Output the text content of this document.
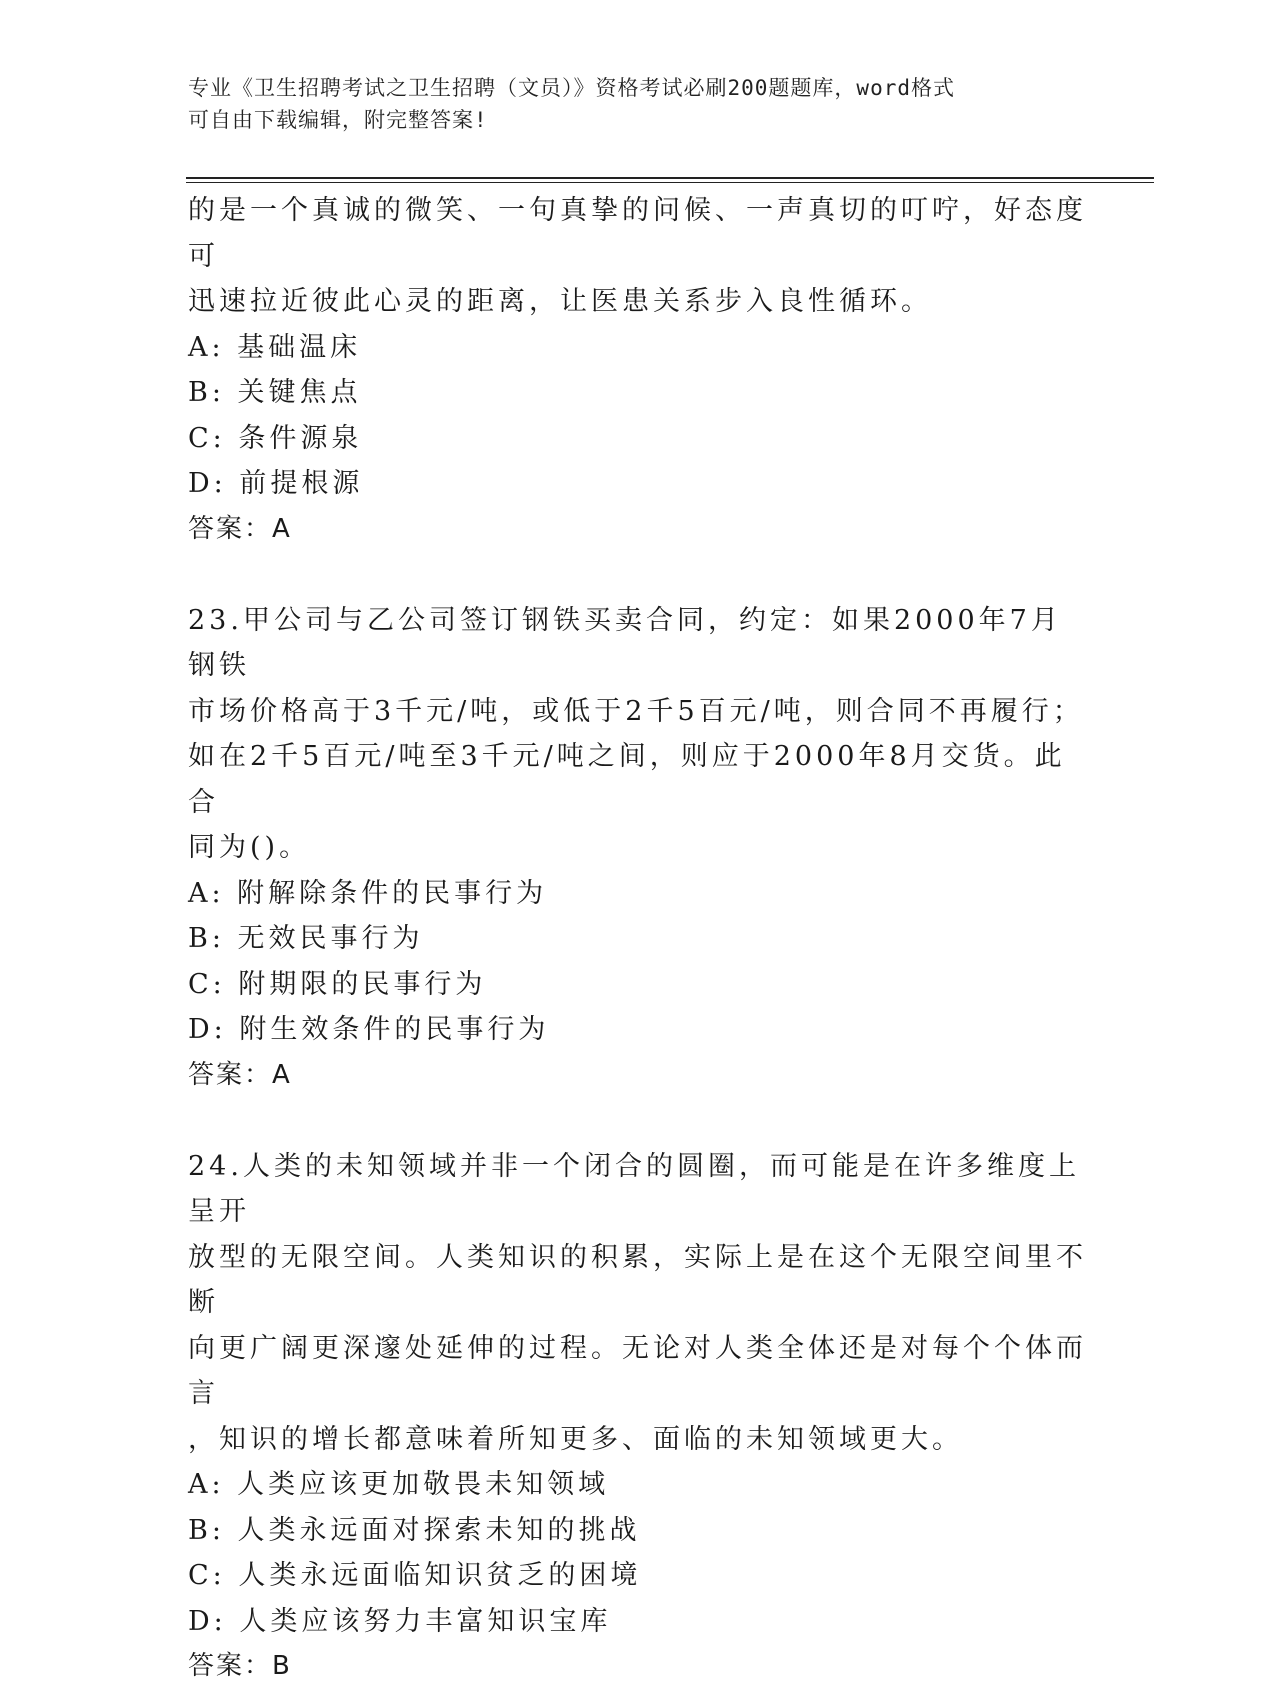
专业《卫生招聘考试之卫生招聘（文员）》资格考试必刷200题题库，word格式
可自由下载编辑，附完整答案!

的是一个真诚的微笑、一句真挚的问候、一声真切的叮咛，好态度可

迅速拉近彼此心灵的距离，让医患关系步入良性循环。

A: 基础温床

B: 关键焦点

C: 条件源泉

D: 前提根源

答案：A

23.甲公司与乙公司签订钢铁买卖合同，约定：如果2000年7月钢铁

市场价格高于3千元/吨，或低于2千5百元/吨，则合同不再履行；

如在2千5百元/吨至3千元/吨之间，则应于2000年8月交货。此合

同为()。

A: 附解除条件的民事行为

B: 无效民事行为

C: 附期限的民事行为

D: 附生效条件的民事行为

答案：A

24.人类的未知领域并非一个闭合的圆圈，而可能是在许多维度上呈开

放型的无限空间。人类知识的积累，实际上是在这个无限空间里不断

向更广阔更深邃处延伸的过程。无论对人类全体还是对每个个体而言

，知识的增长都意味着所知更多、面临的未知领域更大。

A: 人类应该更加敬畏未知领域

B: 人类永远面对探索未知的挑战

C: 人类永远面临知识贫乏的困境

D: 人类应该努力丰富知识宝库

答案：B
